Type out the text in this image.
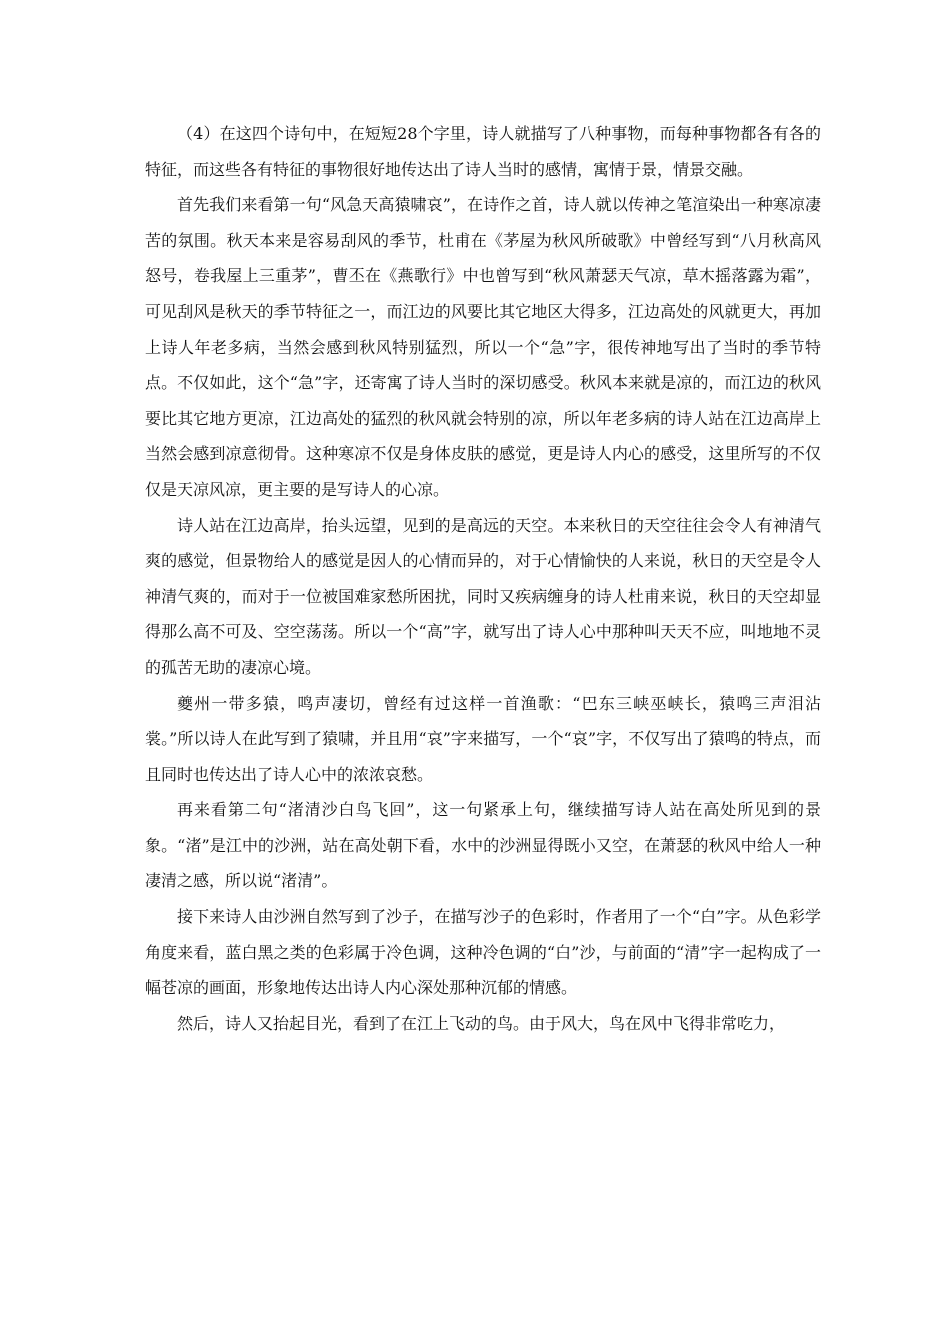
（4）在这四个诗句中，在短短28个字里，诗人就描写了八种事物，而每种事物都各有各的特征，而这些各有特征的事物很好地传达出了诗人当时的感情，寓情于景，情景交融。

首先我们来看第一句“风急天高猿啸哀”，在诗作之首，诗人就以传神之笔渲染出一种寒凉凄苦的氛围。秋天本来是容易刮风的季节，杜甫在《茅屋为秋风所破歌》中曾经写到“八月秋高风怒号，卷我屋上三重茅”，曹丕在《燕歌行》中也曾写到“秋风萧瑟天气凉，草木摇落露为霜”，可见刮风是秋天的季节特征之一，而江边的风要比其它地区大得多，江边高处的风就更大，再加上诗人年老多病，当然会感到秋风特别猛烈，所以一个“急”字，很传神地写出了当时的季节特点。不仅如此，这个“急”字，还寄寓了诗人当时的深切感受。秋风本来就是凉的，而江边的秋风要比其它地方更凉，江边高处的猛烈的秋风就会特别的凉，所以年老多病的诗人站在江边高岸上当然会感到凉意彻骨。这种寒凉不仅是身体皮肤的感觉，更是诗人内心的感受，这里所写的不仅仅是天凉风凉，更主要的是写诗人的心凉。

诗人站在江边高岸，抬头远望，见到的是高远的天空。本来秋日的天空往往会令人有神清气爽的感觉，但景物给人的感觉是因人的心情而异的，对于心情愉快的人来说，秋日的天空是令人神清气爽的，而对于一位被国难家愁所困扰，同时又疾病缠身的诗人杜甫来说，秋日的天空却显得那么高不可及、空空荡荡。所以一个“高”字，就写出了诗人心中那种叫天天不应，叫地地不灵的孤苦无助的凄凉心境。

夔州一带多猿，鸣声凄切，曾经有过这样一首渔歌：“巴东三峡巫峡长，猿鸣三声泪沾裳。”所以诗人在此写到了猿啸，并且用“哀”字来描写，一个“哀”字，不仅写出了猿鸣的特点，而且同时也传达出了诗人心中的浓浓哀愁。

再来看第二句“渚清沙白鸟飞回”，这一句紧承上句，继续描写诗人站在高处所见到的景象。“渚”是江中的沙洲，站在高处朝下看，水中的沙洲显得既小又空，在萧瑟的秋风中给人一种凄清之感，所以说“渚清”。

接下来诗人由沙洲自然写到了沙子，在描写沙子的色彩时，作者用了一个“白”字。从色彩学角度来看，蓝白黑之类的色彩属于冷色调，这种冷色调的“白”沙，与前面的“清”字一起构成了一幅苍凉的画面，形象地传达出诗人内心深处那种沉郁的情感。

然后，诗人又抬起目光，看到了在江上飞动的鸟。由于风大，鸟在风中飞得非常吃力，
